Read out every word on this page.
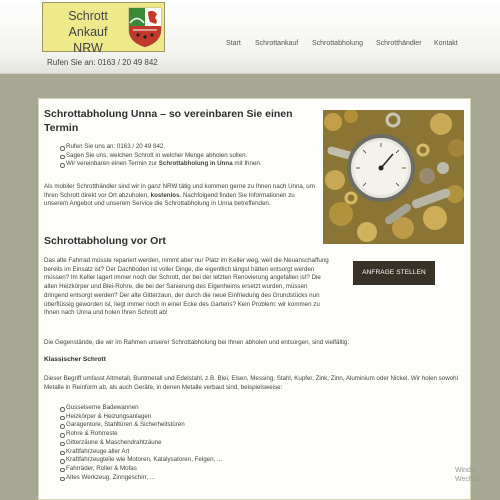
Schrott Ankauf
NRW
Rufen Sie an: 0163 / 20 49 842
Start Schrottankauf Schrottabholung Schrotthändler Kontakt
Schrottabholung Unna – so vereinbaren Sie einen Termin
Rufen Sie uns an: 0163 / 20 49 842.
Sagen Sie uns, welchen Schrott in welcher Menge abholen sollen.
Wir vereinbaren einen Termin zur Schrottabholung in Unna mit Ihnen.
Als mobiler Schrotthändler sind wir in ganz NRW tätig und kommen gerne zu Ihnen nach Unna, um Ihren Schrott direkt vor Ort abzuholen, kostenlos. Nachfolgend finden Sie Informationen zu unserem Angebot und unserem Service die Schrottabholung in Unna betreffenden.
Schrottabholung vor Ort
ANFRAGE STELLEN
Das alte Fahrrad müsste repariert werden, nimmt aber nur Platz im Keller weg, weil die Neuanschaffung bereits im Einsatz ist? Der Dachboden ist voller Dinge, die eigentlich längst hätten entsorgt werden müssen? Im Keller lagert immer noch der Schrott, der bei der letzten Renovierung angefallen ist? Die alten Heizkörper und Blei-Rohre, die bei der Sanierung des Eigenheims ersetzt wurden, müssen dringend entsorgt werden? Der alte Gitterzaun, der durch die neue Einfriedung des Grundstücks nun überflüssig geworden ist, liegt immer noch in einer Ecke des Gartens? Kein Problem: wir kommen zu Ihnen nach Unna und holen Ihren Schrott ab!
Die Gegenstände, die wir im Rahmen unserer Schrottabholung bei Ihnen abholen und entsorgen, sind vielfältig:
Klassischer Schrott
Dieser Begriff umfasst Altmetall, Buntmetall und Edelstahl, z.B. Blei, Eisen, Messing, Stahl, Kupfer, Zink, Zinn, Aluminium oder Nickel. Wir holen sowohl Metalle in Reinform ab, als auch Geräte, in denen Metalle verbaut sind, beispielsweise:
Gusseiserne Badewannen
Heizkörper & Heizungsanlagen
Garagentore, Stahltüren & Sicherheitstüren
Rohre & Rohrreste
Gitterzäune & Maschendrahtzäune
Kraftfahrzeuge aller Art
Kraftfahrzeugteile wie Motoren, Katalysatoren, Felgen, ...
Fahrräder, Roller & Mofas
Altes Werkzeug, Zinngeschirr, ...
Windo
Wechse
